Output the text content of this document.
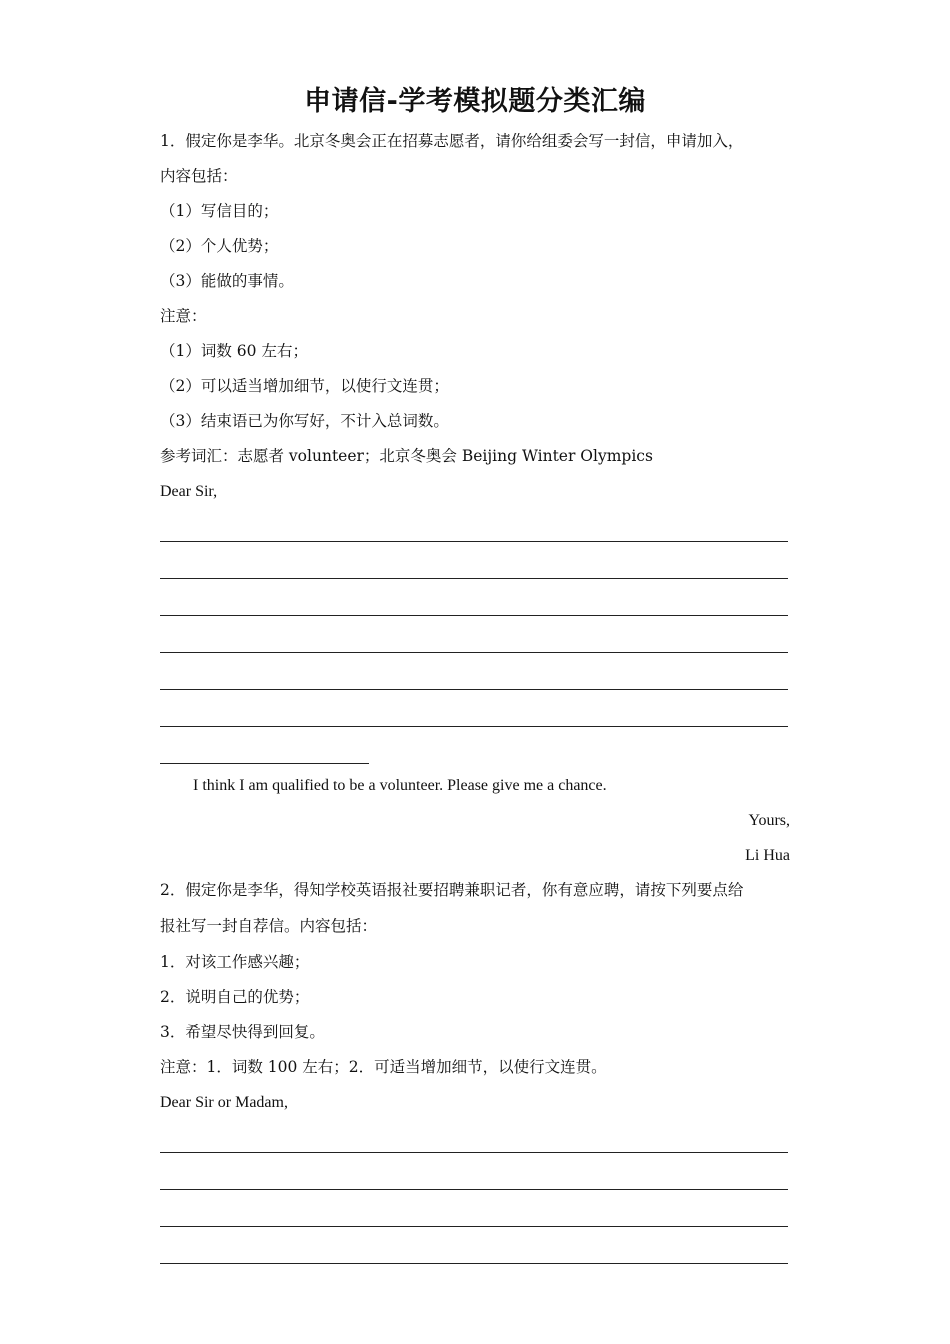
申请信-学考模拟题分类汇编
1．假定你是李华。北京冬奥会正在招募志愿者，请你给组委会写一封信，申请加入，
内容包括：
（1）写信目的；
（2）个人优势；
（3）能做的事情。
注意：
（1）词数 60 左右；
（2）可以适当增加细节，以使行文连贯；
（3）结束语已为你写好，不计入总词数。
参考词汇：志愿者 volunteer；北京冬奥会 Beijing Winter Olympics
Dear Sir,
I think I am qualified to be a volunteer. Please give me a chance.
Yours,
Li Hua
2．假定你是李华，得知学校英语报社要招聘兼职记者，你有意应聘，请按下列要点给
报社写一封自荐信。内容包括：
1．对该工作感兴趣；
2．说明自己的优势；
3．希望尽快得到回复。
注意：1．词数 100 左右；2．可适当增加细节，以使行文连贯。
Dear Sir or Madam,
